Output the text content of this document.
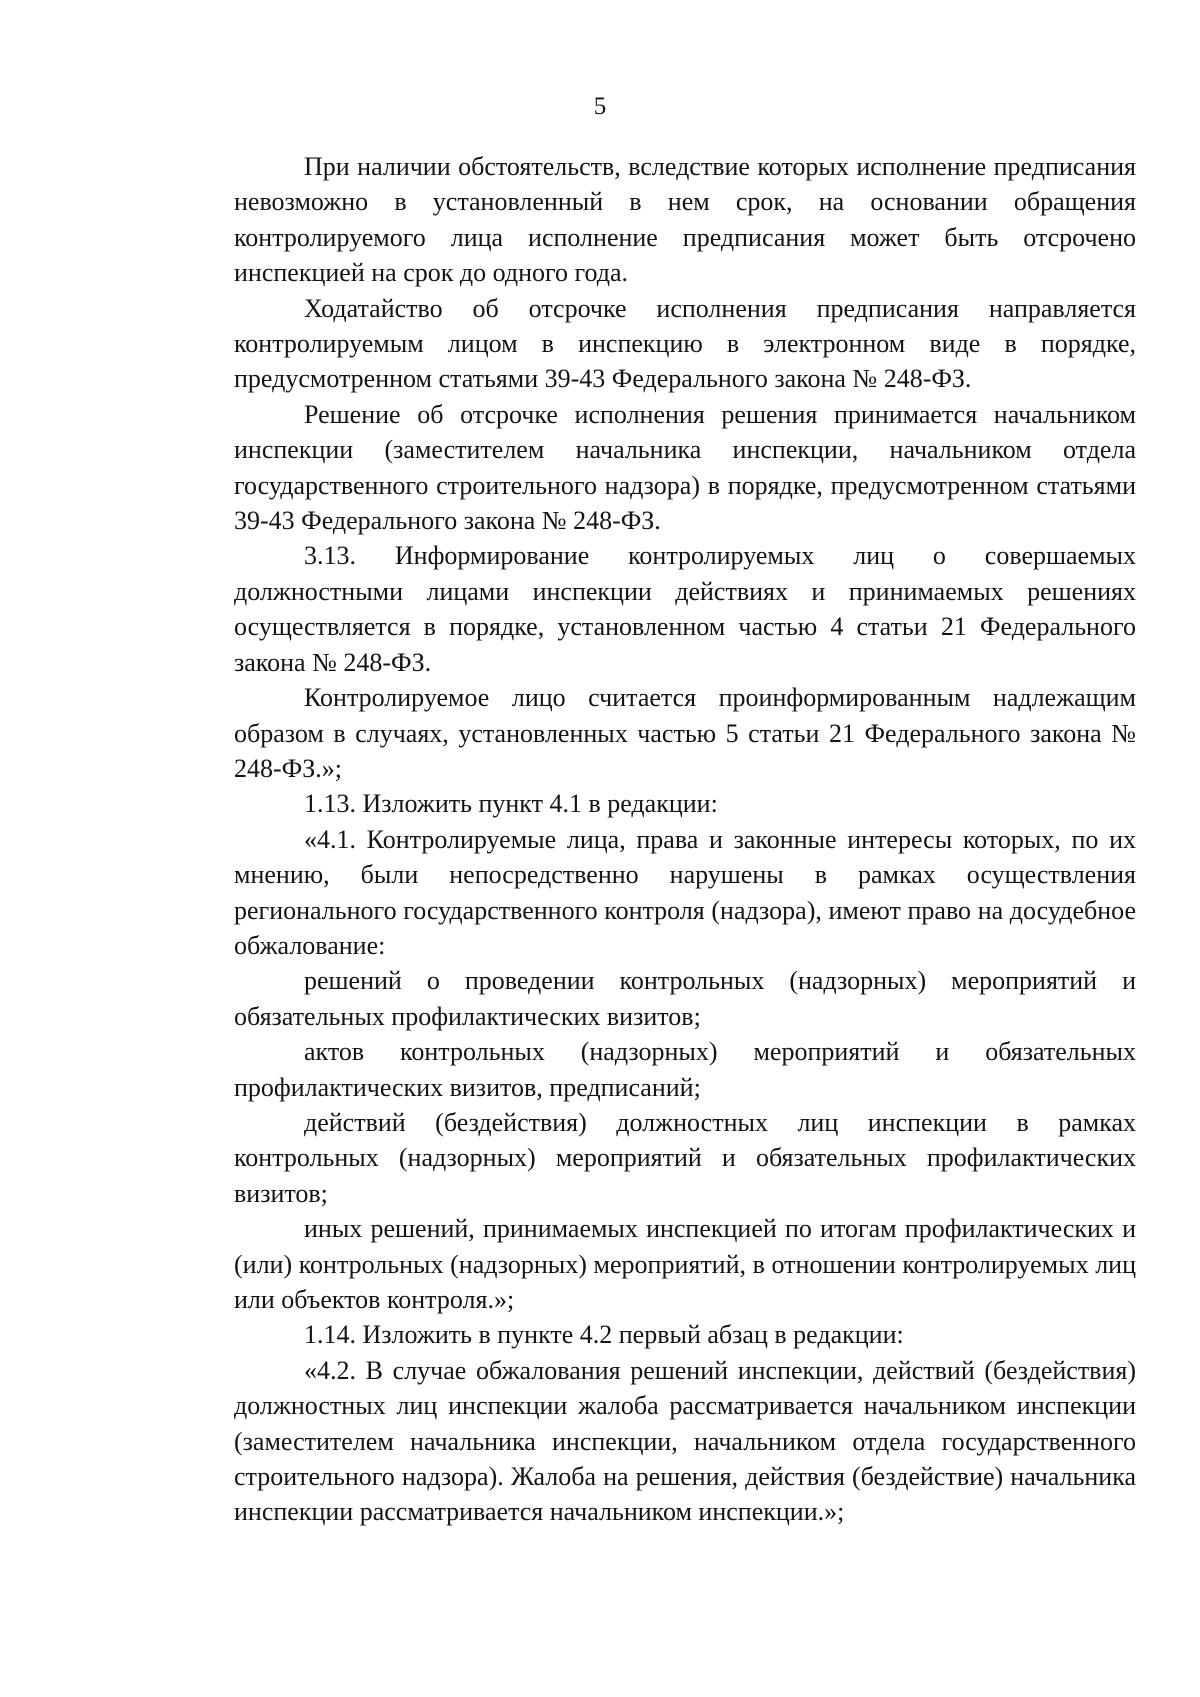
5

При наличии обстоятельств, вследствие которых исполнение предписания невозможно в установленный в нем срок, на основании обращения контролируемого лица исполнение предписания может быть отсрочено инспекцией на срок до одного года.

Ходатайство об отсрочке исполнения предписания направляется контролируемым лицом в инспекцию в электронном виде в порядке, предусмотренном статьями 39-43 Федерального закона № 248-ФЗ.

Решение об отсрочке исполнения решения принимается начальником инспекции (заместителем начальника инспекции, начальником отдела государственного строительного надзора) в порядке, предусмотренном статьями 39-43 Федерального закона № 248-ФЗ.

3.13. Информирование контролируемых лиц о совершаемых должностными лицами инспекции действиях и принимаемых решениях осуществляется в порядке, установленном частью 4 статьи 21 Федерального закона № 248-ФЗ.

Контролируемое лицо считается проинформированным надлежащим образом в случаях, установленных частью 5 статьи 21 Федерального закона № 248-ФЗ.»;

1.13. Изложить пункт 4.1 в редакции:

«4.1. Контролируемые лица, права и законные интересы которых, по их мнению, были непосредственно нарушены в рамках осуществления регионального государственного контроля (надзора), имеют право на досудебное обжалование:

решений о проведении контрольных (надзорных) мероприятий и обязательных профилактических визитов;

актов контрольных (надзорных) мероприятий и обязательных профилактических визитов, предписаний;

действий (бездействия) должностных лиц инспекции в рамках контрольных (надзорных) мероприятий и обязательных профилактических визитов;

иных решений, принимаемых инспекцией по итогам профилактических и (или) контрольных (надзорных) мероприятий, в отношении контролируемых лиц или объектов контроля.»;

1.14. Изложить в пункте 4.2 первый абзац в редакции:

«4.2. В случае обжалования решений инспекции, действий (бездействия) должностных лиц инспекции жалоба рассматривается начальником инспекции (заместителем начальника инспекции, начальником отдела государственного строительного надзора). Жалоба на решения, действия (бездействие) начальника инспекции рассматривается начальником инспекции.»;
